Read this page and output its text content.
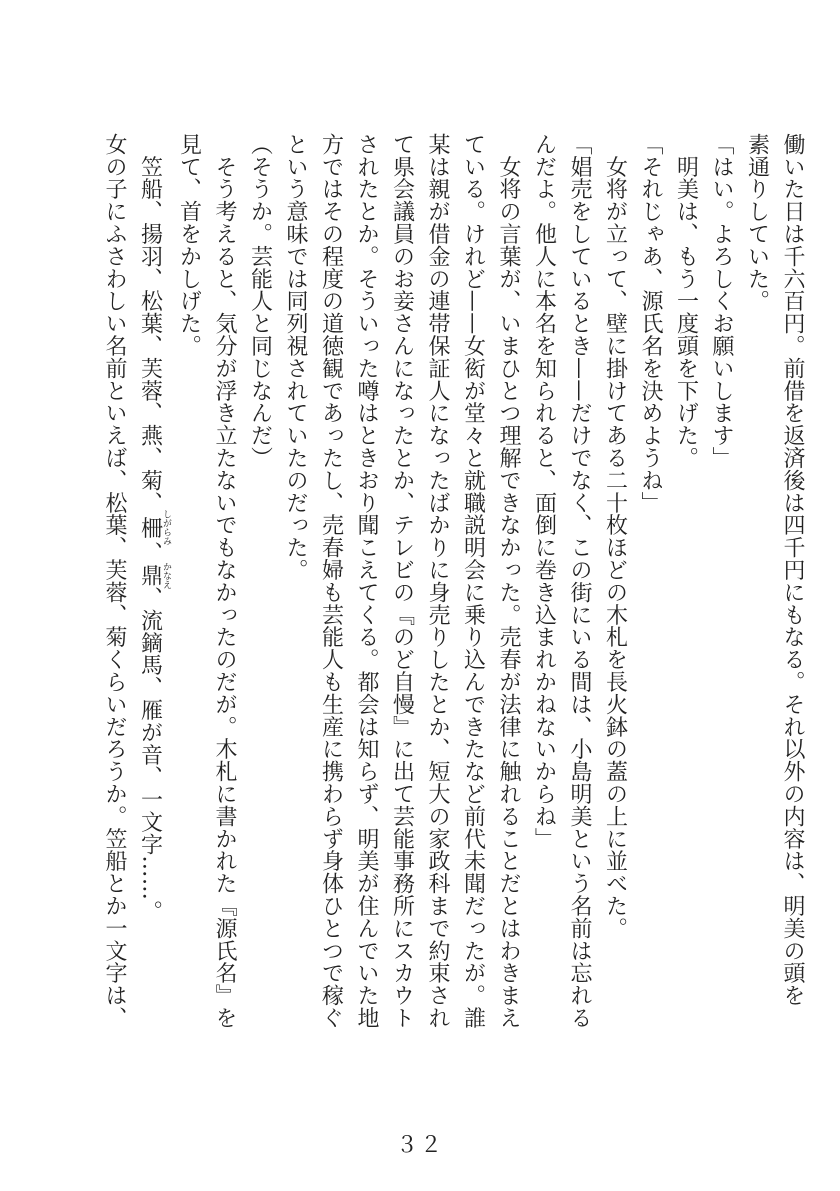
働いた日は千六百円。前借を返済後は四千円にもなる。それ以外の内容は、明美の頭を

素通りしていた。

「はい。よろしくお願いします」

　明美は、もう一度頭を下げた。

「それじゃあ、源氏名を決めようね」

　女将が立って、壁に掛けてある二十枚ほどの木札を長火鉢の蓋の上に並べた。

「娼売をしているとき——だけでなく、この街にいる間は、小島明美という名前は忘れる

んだよ。他人に本名を知られると、面倒に巻き込まれかねないからね」

　女将の言葉が、いまひとつ理解できなかった。売春が法律に触れることだとはわきまえ

ている。けれど——女衒が堂々と就職説明会に乗り込んできたなど前代未聞だったが。誰

某は親が借金の連帯保証人になったばかりに身売りしたとか、短大の家政科まで約束され

て県会議員のお妾さんになったとか、テレビの『のど自慢』に出て芸能事務所にスカウト

されたとか。そういった噂はときおり聞こえてくる。都会は知らず、明美が住んでいた地

方ではその程度の道徳観であったし、売春婦も芸能人も生産に携わらず身体ひとつで稼ぐ

という意味では同列視されていたのだった。

（そうか。芸能人と同じなんだ）

　そう考えると、気分が浮き立たないでもなかったのだが。木札に書かれた『源氏名』を

見て、首をかしげた。

　笠船、揚羽、松葉、芙蓉、燕、菊、柵しがらみ、鼎かなえ、流鏑馬、雁が音、一文字……。

女の子にふさわしい名前といえば、松葉、芙蓉、菊くらいだろうか。笠船とか一文字は、

３２
